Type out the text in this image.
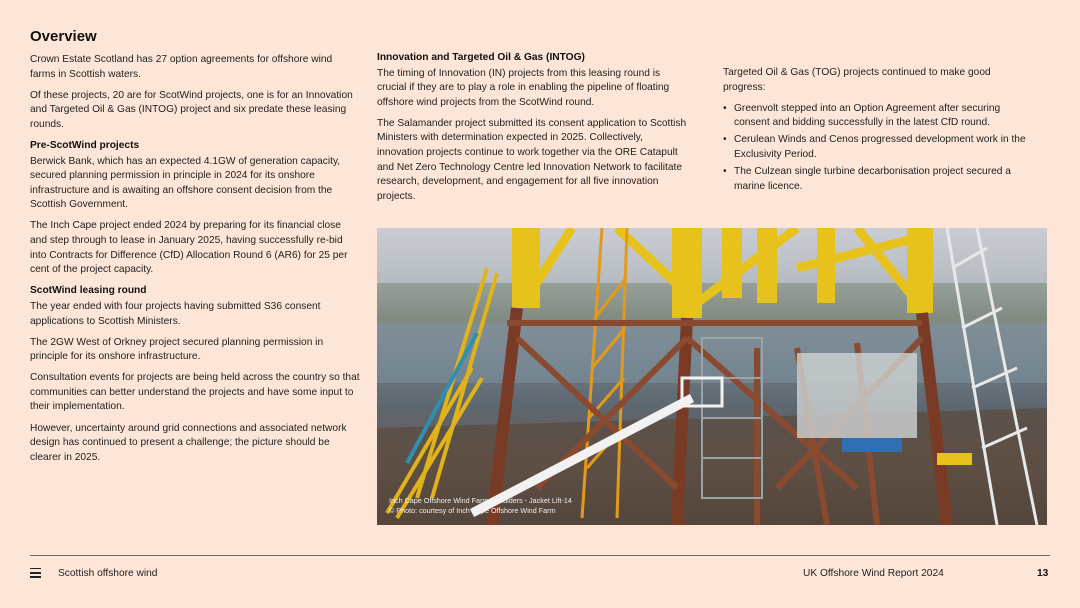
Overview

Crown Estate Scotland has 27 option agreements for offshore wind farms in Scottish waters.

Of these projects, 20 are for ScotWind projects, one is for an Innovation and Targeted Oil & Gas (INTOG) project and six predate these leasing rounds.

Pre-ScotWind projects

Berwick Bank, which has an expected 4.1GW of generation capacity, secured planning permission in principle in 2024 for its onshore infrastructure and is awaiting an offshore consent decision from the Scottish Government.

The Inch Cape project ended 2024 by preparing for its financial close and step through to lease in January 2025, having successfully re-bid into Contracts for Difference (CfD) Allocation Round 6 (AR6) for 25 per cent of the project capacity.

ScotWind leasing round

The year ended with four projects having submitted S36 consent applications to Scottish Ministers.

The 2GW West of Orkney project secured planning permission in principle for its onshore infrastructure.

Consultation events for projects are being held across the country so that communities can better understand the projects and have some input to their implementation.

However, uncertainty around grid connections and associated network design has continued to present a challenge; the picture should be clearer in 2025.

Innovation and Targeted Oil & Gas (INTOG)

The timing of Innovation (IN) projects from this leasing round is crucial if they are to play a role in enabling the pipeline of floating offshore wind projects from the ScotWind round.

The Salamander project submitted its consent application to Scottish Ministers with determination expected in 2025. Collectively, innovation projects continue to work together via the ORE Catapult and Net Zero Technology Centre led Innovation Network to facilitate research, development, and engagement for all five innovation projects.

Targeted Oil & Gas (TOG) projects continued to make good progress:

• Greenvolt stepped into an Option Agreement after securing consent and bidding successfully in the latest CfD round.
• Cerulean Winds and Cenos progressed development work in the Exclusivity Period.
• The Culzean single turbine decarbonisation project secured a marine licence.
Inch Cape Offshore Wind Farm, Smulders - Jacket Lift-14
© Photo: courtesy of Inch Cape Offshore Wind Farm
Scottish offshore wind	UK Offshore Wind Report 2024	13
